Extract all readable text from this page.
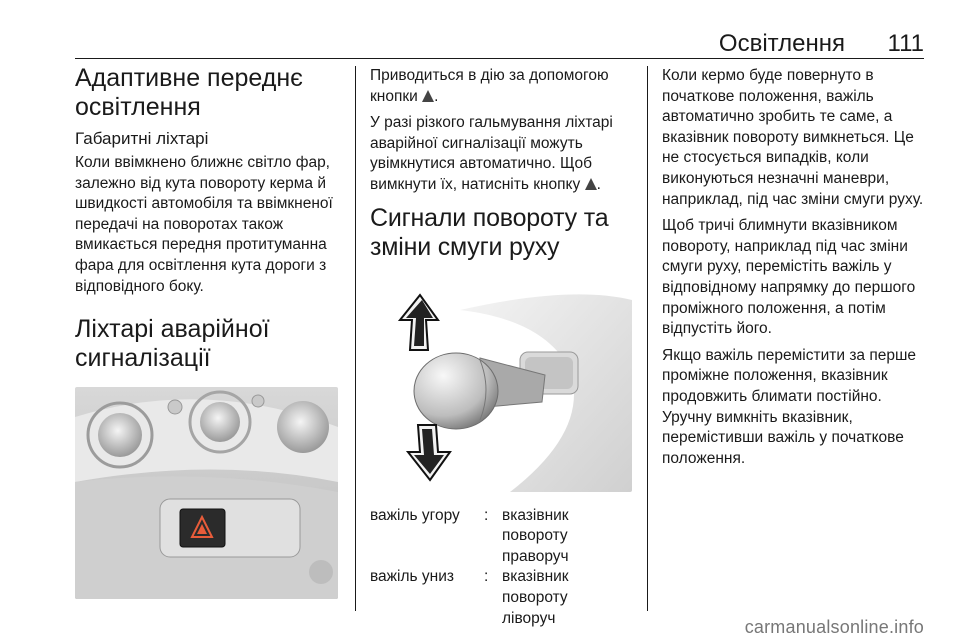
Освітлення 111
Адаптивне переднє освітлення
Габаритні ліхтарі

Коли ввімкнено ближнє світло фар, залежно від кута повороту керма й швидкості автомобіля та ввімкненої передачі на поворотах також вмикається передня протитуманна фара для освітлення кута дороги з відповідного боку.

Ліхтарі аварійної сигналізації

Приводиться в дію за допомогою кнопки .

У разі різкого гальмування ліхтарі аварійної сигналізації можуть увімкнутися автоматично. Щоб вимкнути їх, натисніть кнопку .

Сигнали повороту та зміни смуги руху
важіль угору	: вказівник повороту праворуч
важіль униз	: вказівник повороту ліворуч

Коли кермо буде повернуто в початкове положення, важіль автоматично зробить те саме, а вказівник повороту вимкнеться. Це не стосується випадків, коли виконуються незначні маневри, наприклад, під час зміни смуги руху.

Щоб тричі блимнути вказівником повороту, наприклад під час зміни смуги руху, перемістіть важіль у відповідному напрямку до першого проміжного положення, а потім відпустіть його.

Якщо важіль перемістити за перше проміжне положення, вказівник продовжить блимати постійно. Уручну вимкніть вказівник, перемістивши важіль у початкове положення.

carmanualsonline.info
